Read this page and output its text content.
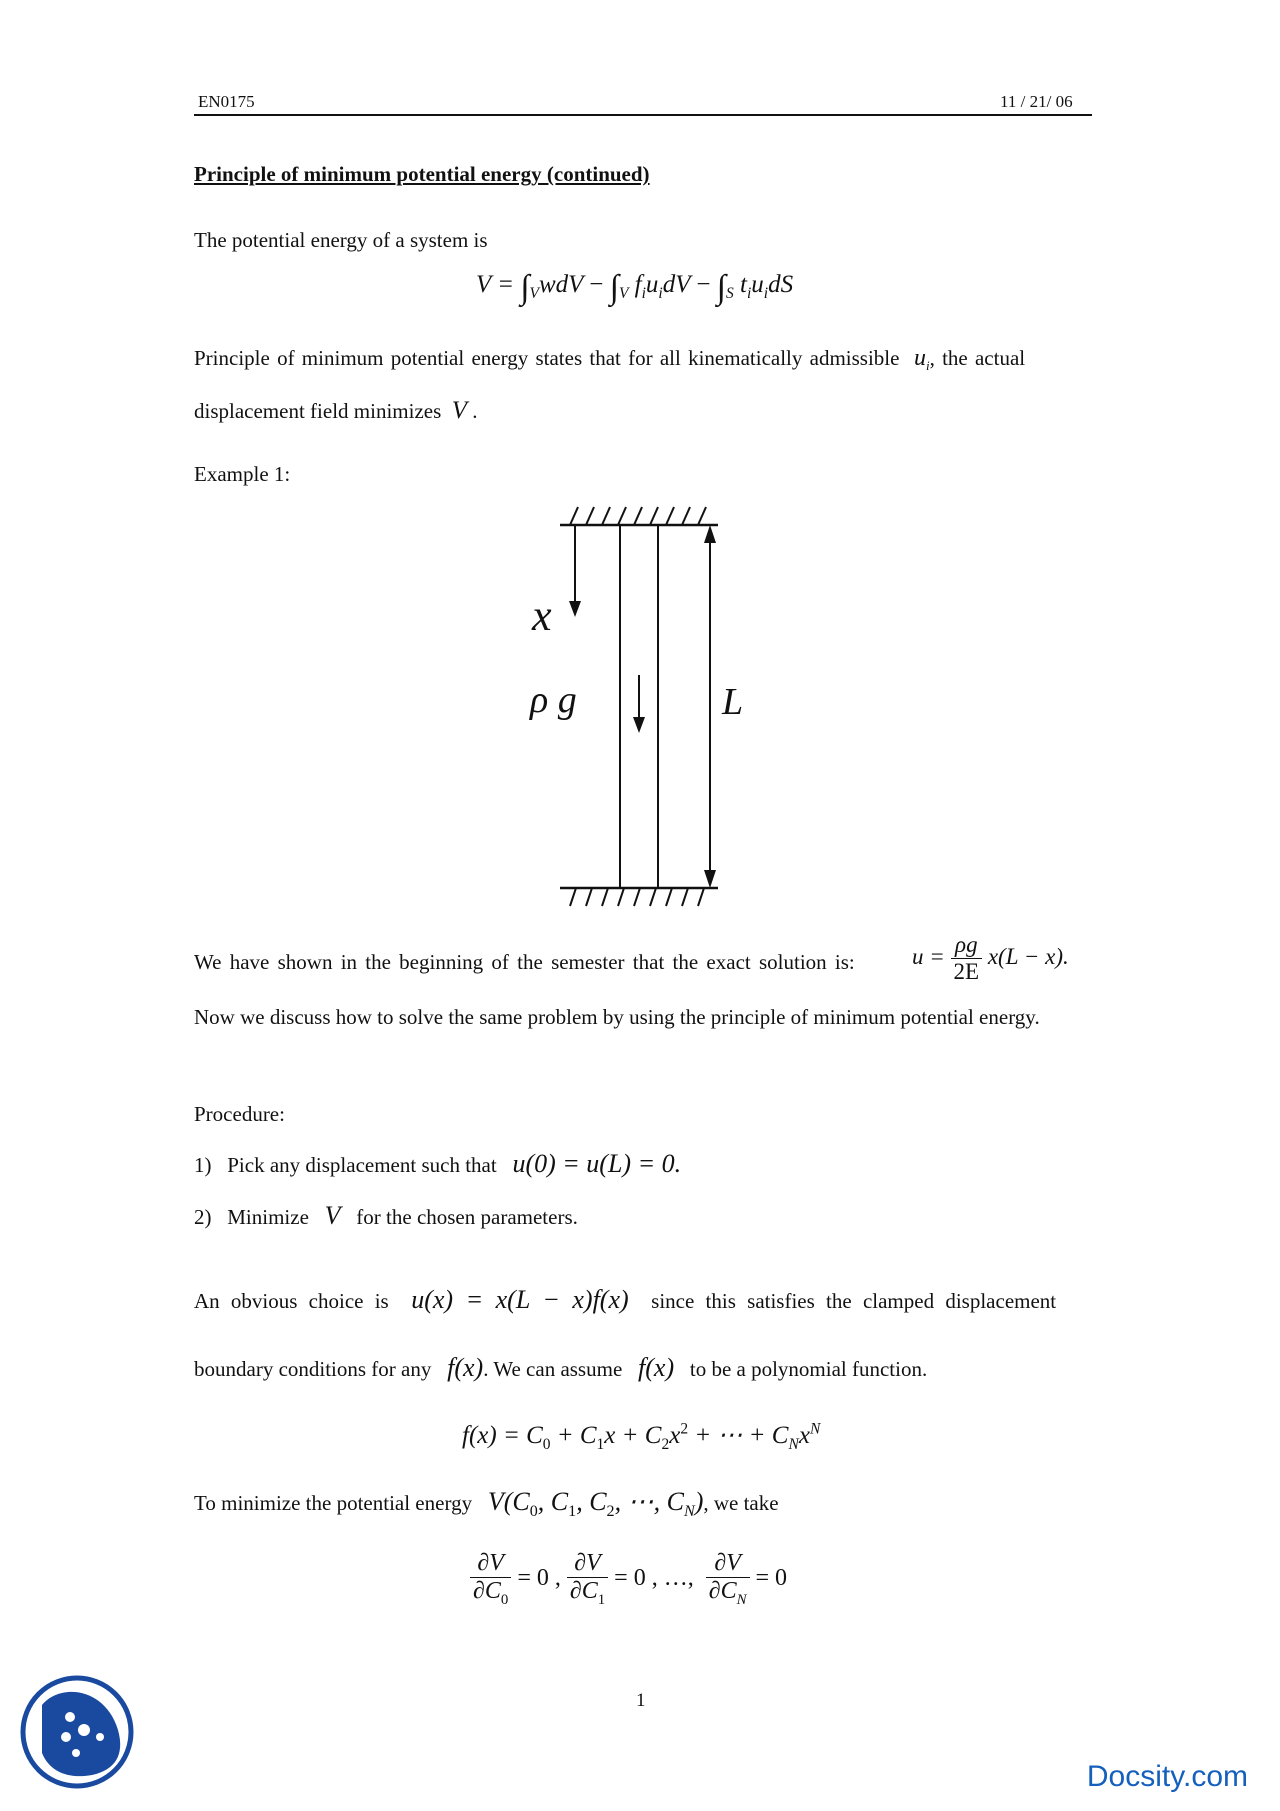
EN0175	11 / 21/ 06
Principle of minimum potential energy (continued)
The potential energy of a system is
$V = \int_VwdV - \int_V$ $f_iu_idV - \int_S$ $t_iu_idS$
Principle of minimum potential energy states that for all kinematically admissible $u_i$, the actual
displacement field minimizes V .
Example 1:
x
ρ g	L
We have shown in the beginning of the semester that the exact solution is:	$u = \frac{\rho g}{2E} x(L - x)$.
Now we discuss how to solve the same problem by using the principle of minimum potential energy.
Procedure:
1) Pick any displacement such that u(0) = u(L) = 0.
2) Minimize V for the chosen parameters.
An obvious choice is u(x) = x(L − x)f(x) since this satisfies the clamped displacement
boundary conditions for any f(x). We can assume f(x) to be a polynomial function.
$f(x) = C_0 + C_1x + C_2x^2$ + ⋯ + $C_Nx^N$
To minimize the potential energy $V(C_0$, $C_1$, $C_2$, ⋯, $C_N$), we take
$\frac{\partial V}{\partial C_0} = 0$ , $\frac{\partial V}{\partial C_1} = 0$ , …, $\frac{\partial V}{\partial C_N} = 0$
1
Docsity.com
